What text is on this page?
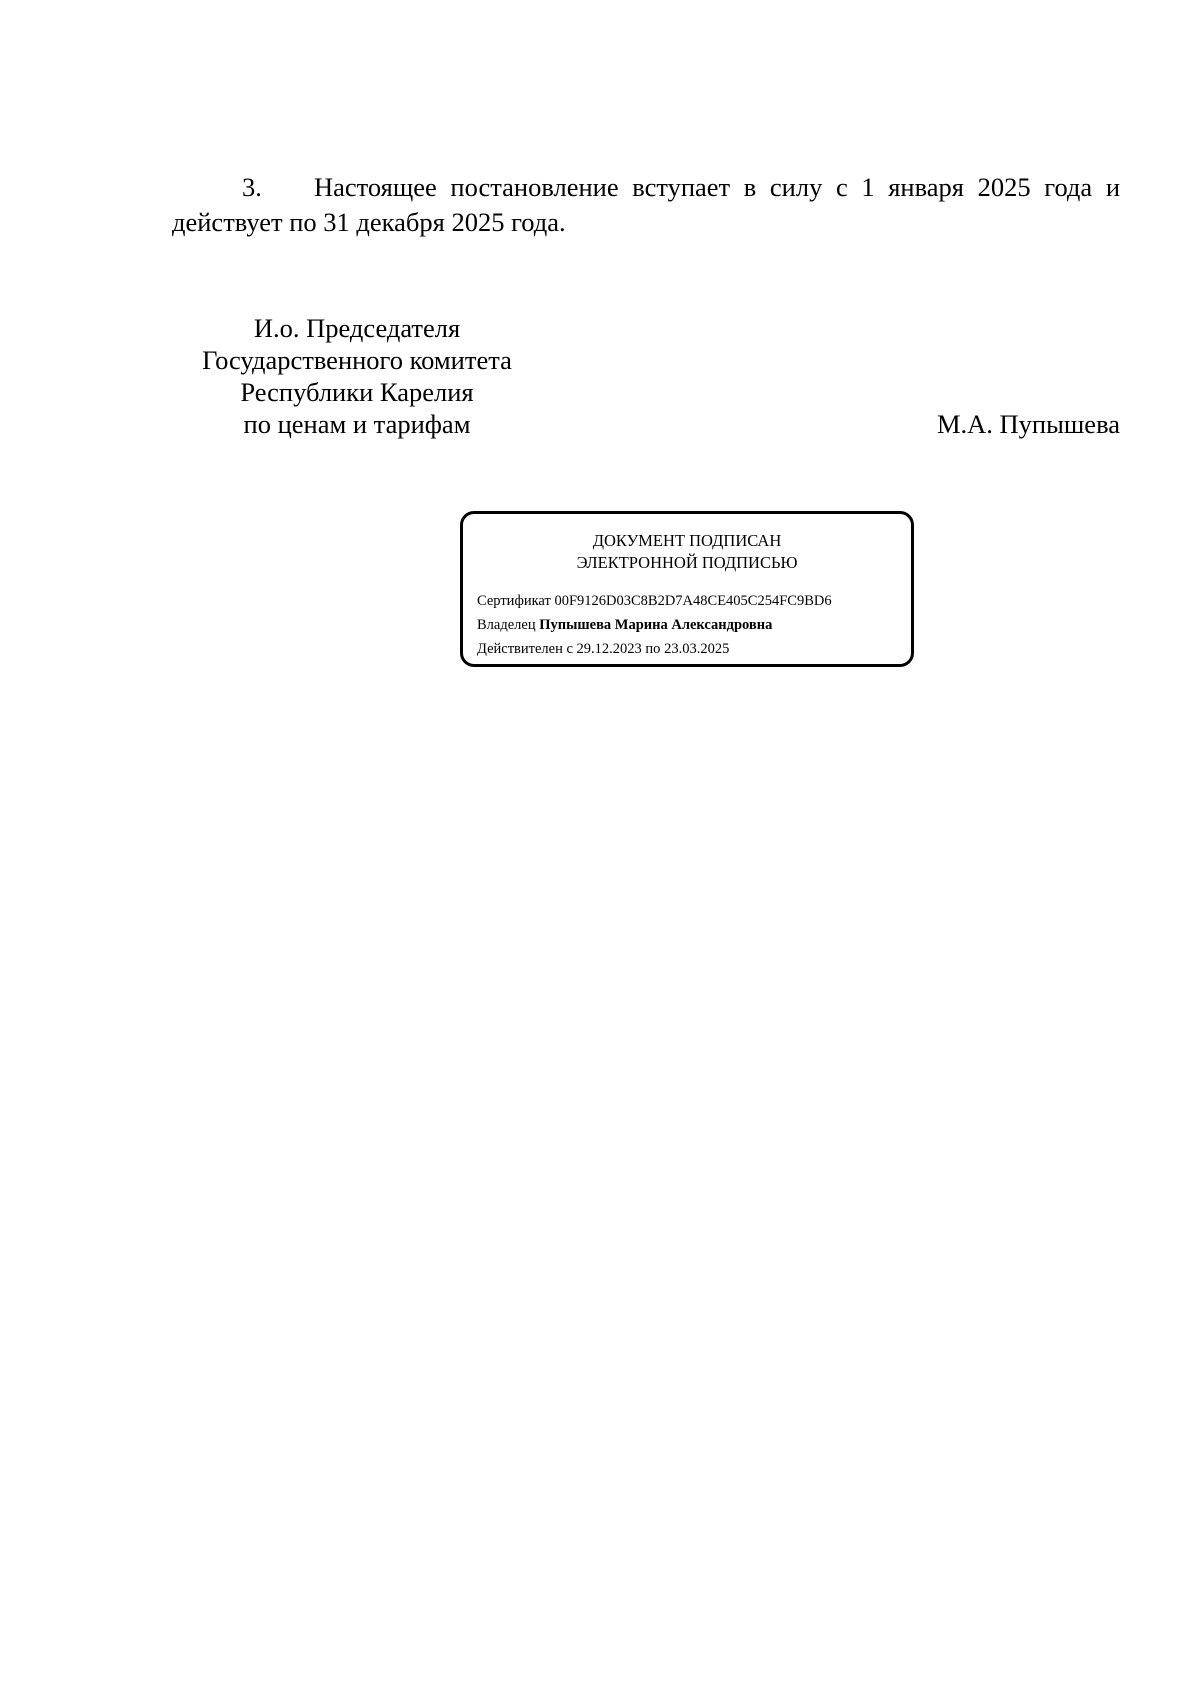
3. Настоящее постановление вступает в силу с 1 января 2025 года и
действует по 31 декабря 2025 года.

И.о. Председателя
Государственного комитета
Республики Карелия
по ценам и тарифам	М.А. Пупышева
ДОКУМЕНТ ПОДПИСАН
ЭЛЕКТРОННОЙ ПОДПИСЬЮ
Сертификат 00F9126D03C8B2D7A48CE405C254FC9BD6
Владелец Пупышева Марина Александровна
Действителен с 29.12.2023 по 23.03.2025
